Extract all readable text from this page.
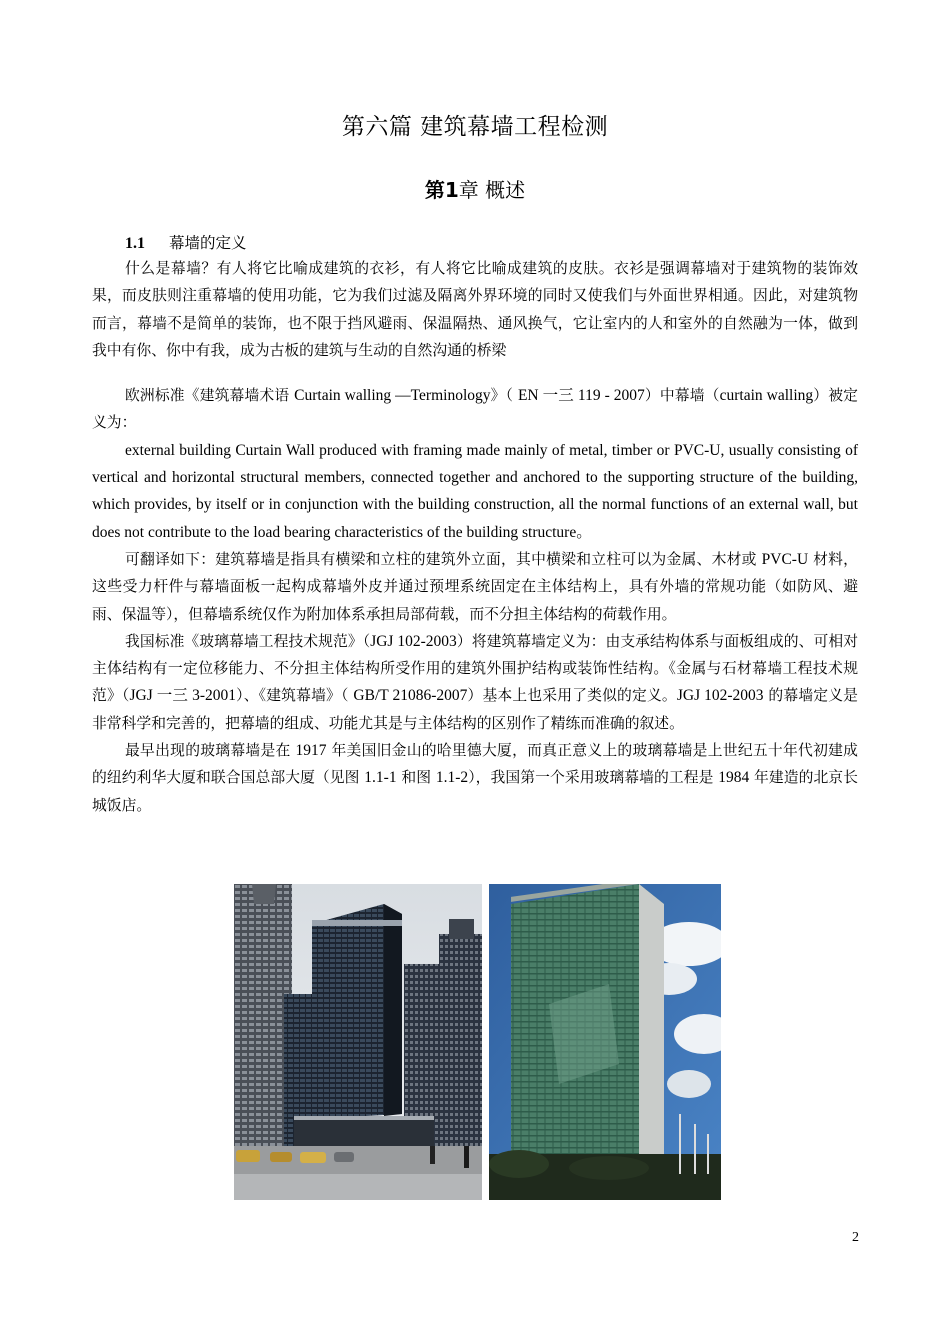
第六篇 建筑幕墙工程检测
第1章 概述
1.1 幕墙的定义

什么是幕墙？有人将它比喻成建筑的衣衫，有人将它比喻成建筑的皮肤。衣衫是强调幕墙对于建筑物的装饰效果，而皮肤则注重幕墙的使用功能，它为我们过滤及隔离外界环境的同时又使我们与外面世界相通。因此，对建筑物而言，幕墙不是简单的装饰，也不限于挡风避雨、保温隔热、通风换气，它让室内的人和室外的自然融为一体，做到我中有你、你中有我，成为古板的建筑与生动的自然沟通的桥梁

欧洲标准《建筑幕墙术语 Curtain walling —Terminology》（ EN 一三 119 - 2007）中幕墙（curtain walling）被定义为：

external building Curtain Wall produced with framing made mainly of metal, timber or PVC-U, usually consisting of vertical and horizontal structural members, connected together and anchored to the supporting structure of the building, which provides, by itself or in conjunction with the building construction, all the normal functions of an external wall, but does not contribute to the load bearing characteristics of the building structure。

可翻译如下：建筑幕墙是指具有横梁和立柱的建筑外立面，其中横梁和立柱可以为金属、木材或 PVC-U 材料，这些受力杆件与幕墙面板一起构成幕墙外皮并通过预埋系统固定在主体结构上，具有外墙的常规功能（如防风、避雨、保温等），但幕墙系统仅作为附加体系承担局部荷载，而不分担主体结构的荷载作用。

我国标准《玻璃幕墙工程技术规范》（JGJ 102-2003）将建筑幕墙定义为：由支承结构体系与面板组成的、可相对主体结构有一定位移能力、不分担主体结构所受作用的建筑外围护结构或装饰性结构。《金属与石材幕墙工程技术规范》（JGJ 一三 3-2001）、《建筑幕墙》（ GB/T 21086-2007）基本上也采用了类似的定义。JGJ 102-2003 的幕墙定义是非常科学和完善的，把幕墙的组成、功能尤其是与主体结构的区别作了精练而准确的叙述。

最早出现的玻璃幕墙是在 1917 年美国旧金山的哈里德大厦，而真正意义上的玻璃幕墙是上世纪五十年代初建成的纽约利华大厦和联合国总部大厦（见图 1.1-1 和图 1.1-2），我国第一个采用玻璃幕墙的工程是 1984 年建造的北京长城饭店。

2
